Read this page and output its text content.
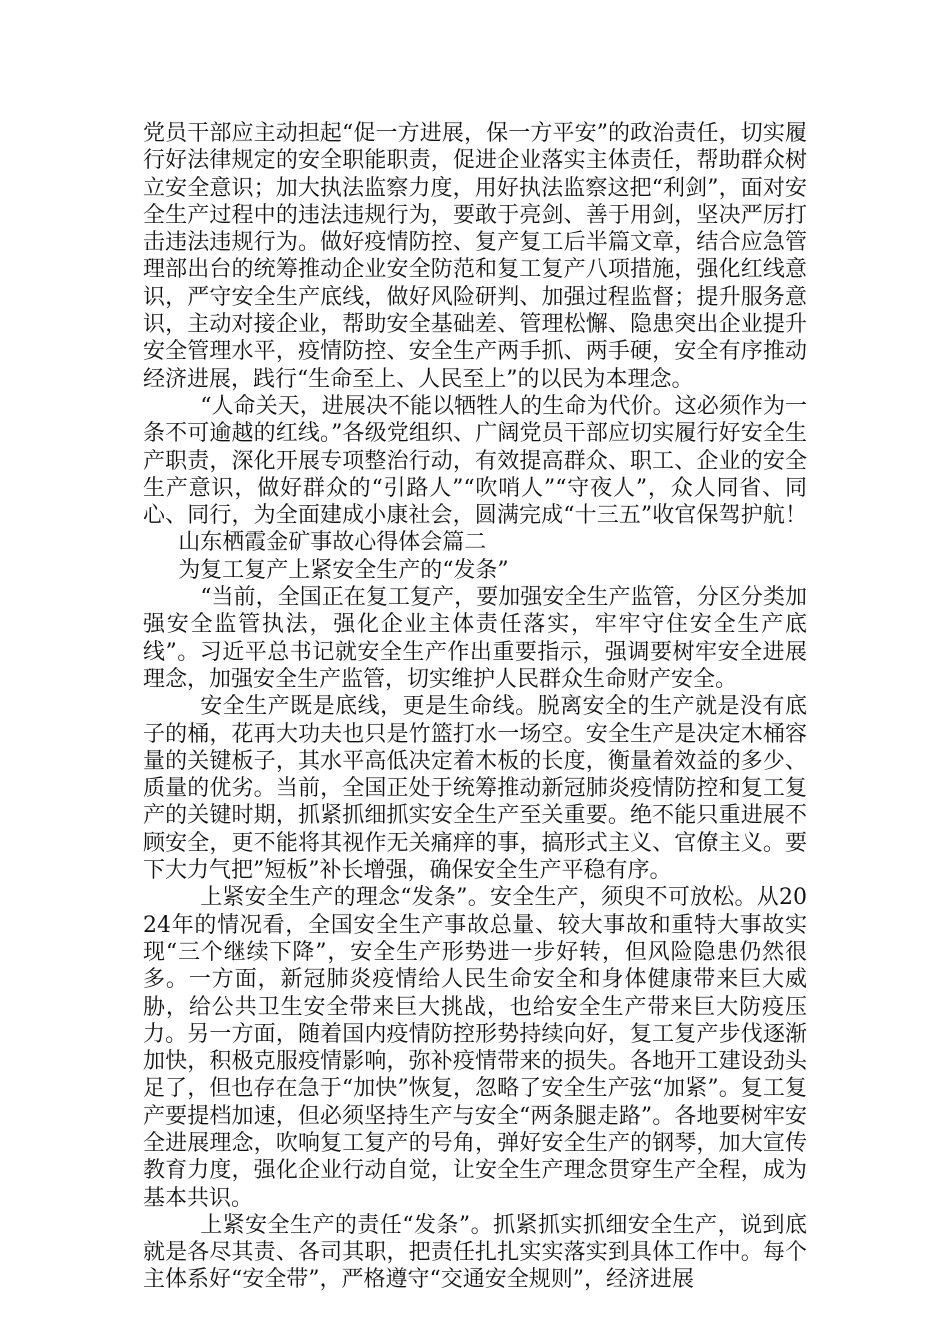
党员干部应主动担起“促一方进展，保一方平安”的政治责任，切实履行好法律规定的安全职能职责，促进企业落实主体责任，帮助群众树立安全意识；加大执法监察力度，用好执法监察这把“利剑”，面对安全生产过程中的违法违规行为，要敢于亮剑、善于用剑，坚决严厉打击违法违规行为。做好疫情防控、复产复工后半篇文章，结合应急管理部出台的统筹推动企业安全防范和复工复产八项措施，强化红线意识，严守安全生产底线，做好风险研判、加强过程监督；提升服务意识，主动对接企业，帮助安全基础差、管理松懈、隐患突出企业提升安全管理水平，疫情防控、安全生产两手抓、两手硬，安全有序推动经济进展，践行“生命至上、人民至上”的以民为本理念。

“人命关天，进展决不能以牺牲人的生命为代价。这必须作为一条不可逾越的红线。”各级党组织、广阔党员干部应切实履行好安全生产职责，深化开展专项整治行动，有效提高群众、职工、企业的安全生产意识，做好群众的“引路人”“吹哨人”“守夜人”，众人同省、同心、同行，为全面建成小康社会，圆满完成“十三五”收官保驾护航！山东栖霞金矿事故心得体会篇二

为复工复产上紧安全生产的“发条”

“当前，全国正在复工复产，要加强安全生产监管，分区分类加强安全监管执法，强化企业主体责任落实，牢牢守住安全生产底线”。习近平总书记就安全生产作出重要指示，强调要树牢安全进展理念，加强安全生产监管，切实维护人民群众生命财产安全。

安全生产既是底线，更是生命线。脱离安全的生产就是没有底子的桶，花再大功夫也只是竹篮打水一场空。安全生产是决定木桶容量的关键板子，其水平高低决定着木板的长度，衡量着效益的多少、质量的优劣。当前，全国正处于统筹推动新冠肺炎疫情防控和复工复产的关键时期，抓紧抓细抓实安全生产至关重要。绝不能只重进展不顾安全，更不能将其视作无关痛痒的事，搞形式主义、官僚主义。要下大力气把”短板”补长增强，确保安全生产平稳有序。

上紧安全生产的理念“发条”。安全生产，须臾不可放松。从2024年的情况看，全国安全生产事故总量、较大事故和重特大事故实现“三个继续下降”，安全生产形势进一步好转，但风险隐患仍然很多。一方面，新冠肺炎疫情给人民生命安全和身体健康带来巨大威胁，给公共卫生安全带来巨大挑战，也给安全生产带来巨大防疫压力。另一方面，随着国内疫情防控形势持续向好，复工复产步伐逐渐加快，积极克服疫情影响，弥补疫情带来的损失。各地开工建设劲头足了，但也存在急于“加快”恢复，忽略了安全生产弦“加紧”。复工复产要提档加速，但必须坚持生产与安全“两条腿走路”。各地要树牢安全进展理念，吹响复工复产的号角，弹好安全生产的钢琴，加大宣传教育力度，强化企业行动自觉，让安全生产理念贯穿生产全程，成为基本共识。

上紧安全生产的责任“发条”。抓紧抓实抓细安全生产，说到底就是各尽其责、各司其职，把责任扎扎实实落实到具体工作中。每个主体系好“安全带”，严格遵守“交通安全规则”，经济进展
